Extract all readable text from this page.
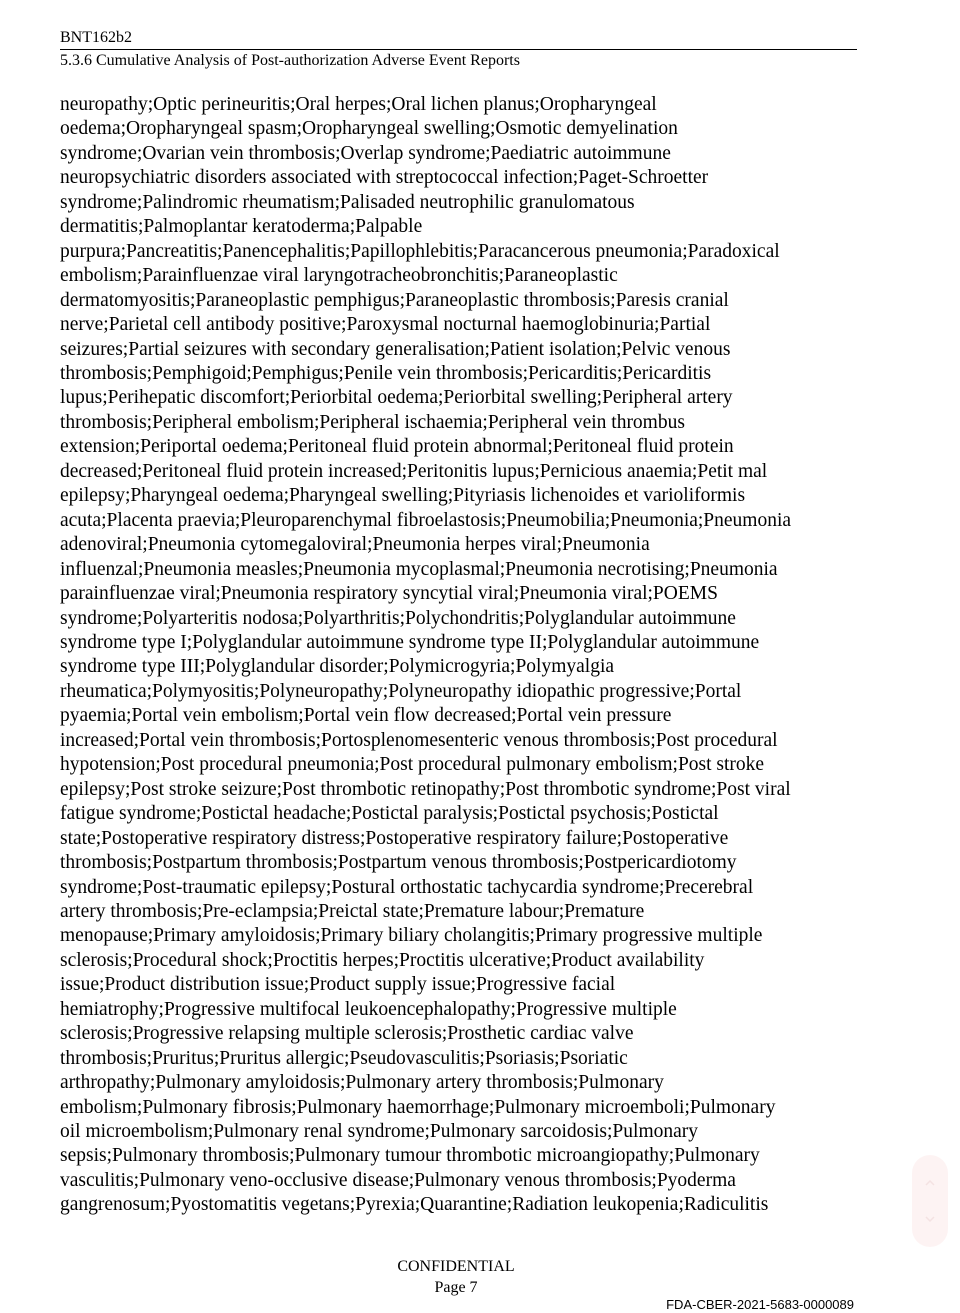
BNT162b2
5.3.6 Cumulative Analysis of Post-authorization Adverse Event Reports
neuropathy;Optic perineuritis;Oral herpes;Oral lichen planus;Oropharyngeal
oedema;Oropharyngeal spasm;Oropharyngeal swelling;Osmotic demyelination
syndrome;Ovarian vein thrombosis;Overlap syndrome;Paediatric autoimmune
neuropsychiatric disorders associated with streptococcal infection;Paget-Schroetter
syndrome;Palindromic rheumatism;Palisaded neutrophilic granulomatous
dermatitis;Palmoplantar keratoderma;Palpable
purpura;Pancreatitis;Panencephalitis;Papillophlebitis;Paracancerous pneumonia;Paradoxical
embolism;Parainfluenzae viral laryngotracheobronchitis;Paraneoplastic
dermatomyositis;Paraneoplastic pemphigus;Paraneoplastic thrombosis;Paresis cranial
nerve;Parietal cell antibody positive;Paroxysmal nocturnal haemoglobinuria;Partial
seizures;Partial seizures with secondary generalisation;Patient isolation;Pelvic venous
thrombosis;Pemphigoid;Pemphigus;Penile vein thrombosis;Pericarditis;Pericarditis
lupus;Perihepatic discomfort;Periorbital oedema;Periorbital swelling;Peripheral artery
thrombosis;Peripheral embolism;Peripheral ischaemia;Peripheral vein thrombus
extension;Periportal oedema;Peritoneal fluid protein abnormal;Peritoneal fluid protein
decreased;Peritoneal fluid protein increased;Peritonitis lupus;Pernicious anaemia;Petit mal
epilepsy;Pharyngeal oedema;Pharyngeal swelling;Pityriasis lichenoides et varioliformis
acuta;Placenta praevia;Pleuroparenchymal fibroelastosis;Pneumobilia;Pneumonia;Pneumonia
adenoviral;Pneumonia cytomegaloviral;Pneumonia herpes viral;Pneumonia
influenzal;Pneumonia measles;Pneumonia mycoplasmal;Pneumonia necrotising;Pneumonia
parainfluenzae viral;Pneumonia respiratory syncytial viral;Pneumonia viral;POEMS
syndrome;Polyarteritis nodosa;Polyarthritis;Polychondritis;Polyglandular autoimmune
syndrome type I;Polyglandular autoimmune syndrome type II;Polyglandular autoimmune
syndrome type III;Polyglandular disorder;Polymicrogyria;Polymyalgia
rheumatica;Polymyositis;Polyneuropathy;Polyneuropathy idiopathic progressive;Portal
pyaemia;Portal vein embolism;Portal vein flow decreased;Portal vein pressure
increased;Portal vein thrombosis;Portosplenomesenteric venous thrombosis;Post procedural
hypotension;Post procedural pneumonia;Post procedural pulmonary embolism;Post stroke
epilepsy;Post stroke seizure;Post thrombotic retinopathy;Post thrombotic syndrome;Post viral
fatigue syndrome;Postictal headache;Postictal paralysis;Postictal psychosis;Postictal
state;Postoperative respiratory distress;Postoperative respiratory failure;Postoperative
thrombosis;Postpartum thrombosis;Postpartum venous thrombosis;Postpericardiotomy
syndrome;Post-traumatic epilepsy;Postural orthostatic tachycardia syndrome;Precerebral
artery thrombosis;Pre-eclampsia;Preictal state;Premature labour;Premature
menopause;Primary amyloidosis;Primary biliary cholangitis;Primary progressive multiple
sclerosis;Procedural shock;Proctitis herpes;Proctitis ulcerative;Product availability
issue;Product distribution issue;Product supply issue;Progressive facial
hemiatrophy;Progressive multifocal leukoencephalopathy;Progressive multiple
sclerosis;Progressive relapsing multiple sclerosis;Prosthetic cardiac valve
thrombosis;Pruritus;Pruritus allergic;Pseudovasculitis;Psoriasis;Psoriatic
arthropathy;Pulmonary amyloidosis;Pulmonary artery thrombosis;Pulmonary
embolism;Pulmonary fibrosis;Pulmonary haemorrhage;Pulmonary microemboli;Pulmonary
oil microembolism;Pulmonary renal syndrome;Pulmonary sarcoidosis;Pulmonary
sepsis;Pulmonary thrombosis;Pulmonary tumour thrombotic microangiopathy;Pulmonary
vasculitis;Pulmonary veno-occlusive disease;Pulmonary venous thrombosis;Pyoderma
gangrenosum;Pyostomatitis vegetans;Pyrexia;Quarantine;Radiation leukopenia;Radiculitis
CONFIDENTIAL
Page 7
FDA-CBER-2021-5683-0000089
